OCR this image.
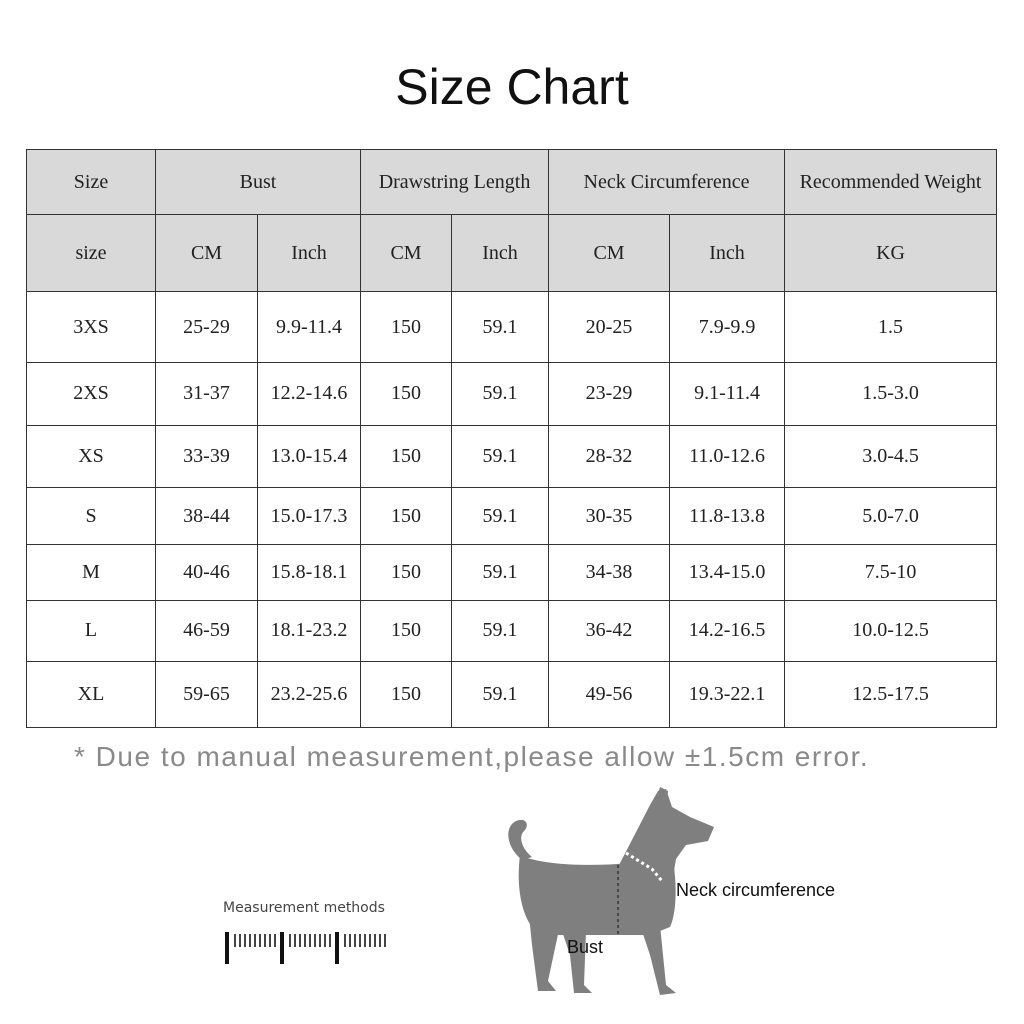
Size Chart
Size	Bust		Drawstring Length		Neck Circumference		Recommended Weight
size	CM	Inch	CM	Inch	CM	Inch	KG
3XS	25-29	9.9-11.4	150	59.1	20-25	7.9-9.9	1.5
2XS	31-37	12.2-14.6	150	59.1	23-29	9.1-11.4	1.5-3.0
XS	33-39	13.0-15.4	150	59.1	28-32	11.0-12.6	3.0-4.5
S	38-44	15.0-17.3	150	59.1	30-35	11.8-13.8	5.0-7.0
M	40-46	15.8-18.1	150	59.1	34-38	13.4-15.0	7.5-10
L	46-59	18.1-23.2	150	59.1	36-42	14.2-16.5	10.0-12.5
XL	59-65	23.2-25.6	150	59.1	49-56	19.3-22.1	12.5-17.5
* Due to manual measurement,please allow ±1.5cm error.
Measurement methods
Neck circumference
Bust
